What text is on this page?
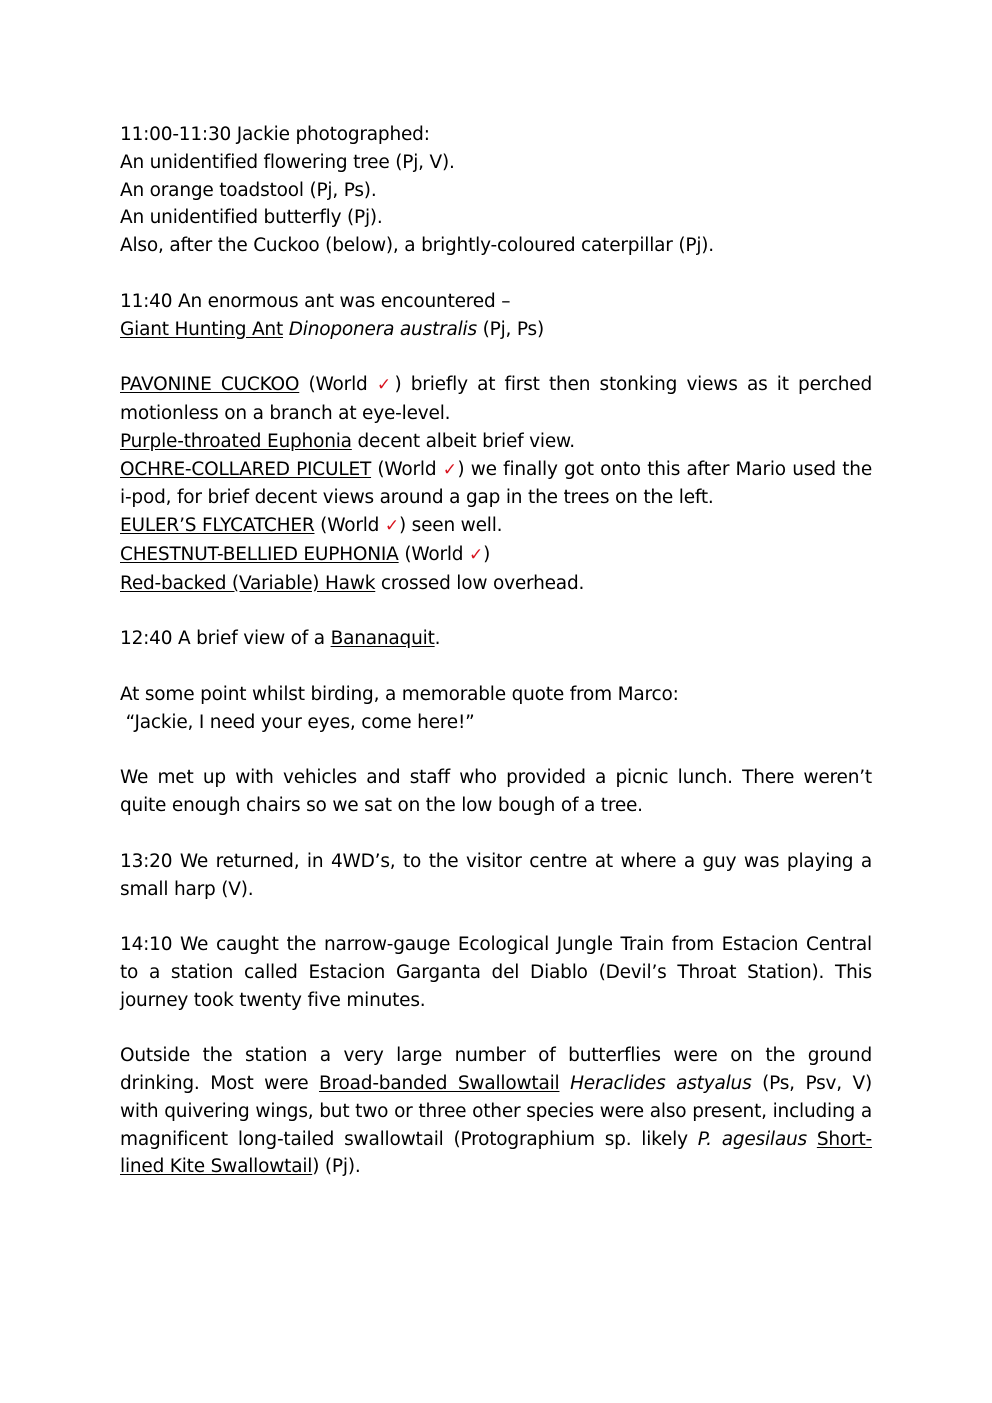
11:00-11:30 Jackie photographed:

An unidentified flowering tree (Pj, V).

An orange toadstool (Pj, Ps).

An unidentified butterfly (Pj).

Also, after the Cuckoo (below), a brightly-coloured caterpillar (Pj).

11:40 An enormous ant was encountered –

Giant Hunting Ant Dinoponera australis (Pj, Ps)

PAVONINE CUCKOO (World ✓) briefly at first then stonking views as it perched motionless on a branch at eye-level.

Purple-throated Euphonia decent albeit brief view.

OCHRE-COLLARED PICULET (World ✓) we finally got onto this after Mario used the i-pod, for brief decent views around a gap in the trees on the left.

EULER’S FLYCATCHER (World ✓) seen well.

CHESTNUT-BELLIED EUPHONIA (World ✓)

Red-backed (Variable) Hawk crossed low overhead.

12:40 A brief view of a Bananaquit.

At some point whilst birding, a memorable quote from Marco:

“Jackie, I need your eyes, come here!”

We met up with vehicles and staff who provided a picnic lunch. There weren’t quite enough chairs so we sat on the low bough of a tree.

13:20 We returned, in 4WD’s, to the visitor centre at where a guy was playing a small harp (V).

14:10 We caught the narrow-gauge Ecological Jungle Train from Estacion Central to a station called Estacion Garganta del Diablo (Devil’s Throat Station). This journey took twenty five minutes.

Outside the station a very large number of butterflies were on the ground drinking. Most were Broad-banded Swallowtail Heraclides astyalus (Ps, Psv, V) with quivering wings, but two or three other species were also present, including a magnificent long-tailed swallowtail (Protographium sp. likely P. agesilaus Short-lined Kite Swallowtail) (Pj).
